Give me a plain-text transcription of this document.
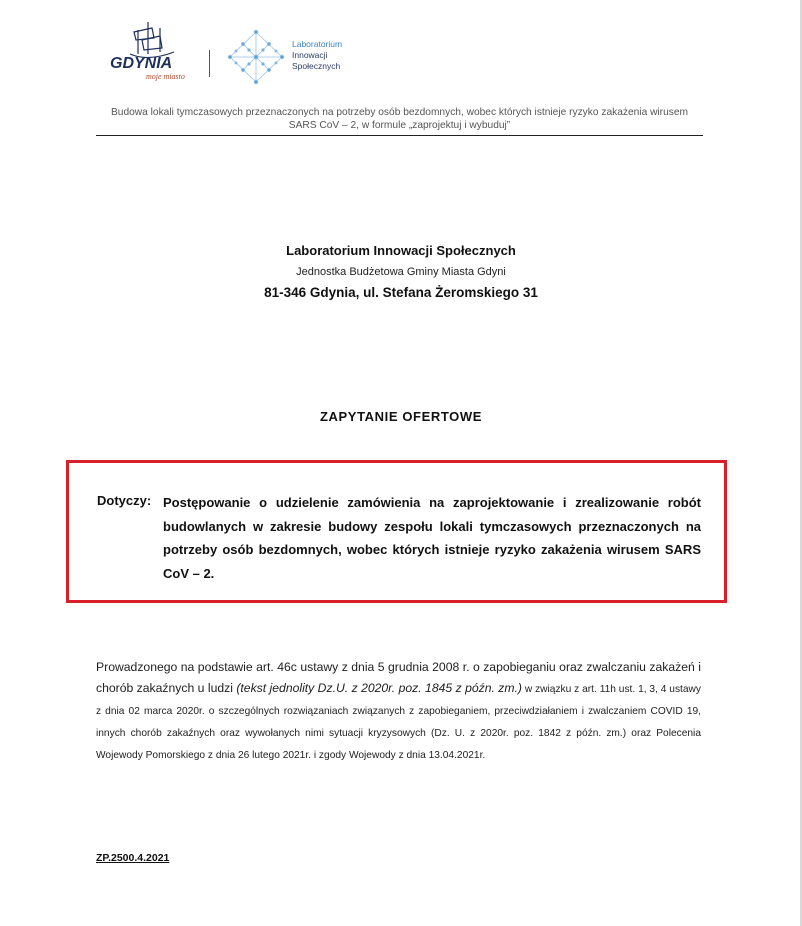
GDYNIA
moje miasto
Laboratorium
Innowacji
Społecznych
Budowa lokali tymczasowych przeznaczonych na potrzeby osób bezdomnych, wobec których istnieje ryzyko zakażenia wirusem SARS CoV – 2, w formule „zaprojektuj i wybuduj”
Laboratorium Innowacji Społecznych
Jednostka Budżetowa Gminy Miasta Gdyni
81-346 Gdynia, ul. Stefana Żeromskiego 31
ZAPYTANIE OFERTOWE
Dotyczy: Postępowanie o udzielenie zamówienia na zaprojektowanie i zrealizowanie robót budowlanych w zakresie budowy zespołu lokali tymczasowych przeznaczonych na potrzeby osób bezdomnych, wobec których istnieje ryzyko zakażenia wirusem SARS CoV – 2.
Prowadzonego na podstawie art. 46c ustawy z dnia 5 grudnia 2008 r. o zapobieganiu oraz zwalczaniu zakażeń i chorób zakaźnych u ludzi (tekst jednolity Dz.U. z 2020r. poz. 1845 z późn. zm.) w związku z art. 11h ust. 1, 3, 4 ustawy z dnia 02 marca 2020r. o szczególnych rozwiązaniach związanych z zapobieganiem, przeciwdziałaniem i zwalczaniem COVID 19, innych chorób zakaźnych oraz wywołanych nimi sytuacji kryzysowych (Dz. U. z 2020r. poz. 1842 z późn. zm.) oraz Polecenia Wojewody Pomorskiego z dnia 26 lutego 2021r. i zgody Wojewody z dnia 13.04.2021r.
ZP.2500.4.2021
